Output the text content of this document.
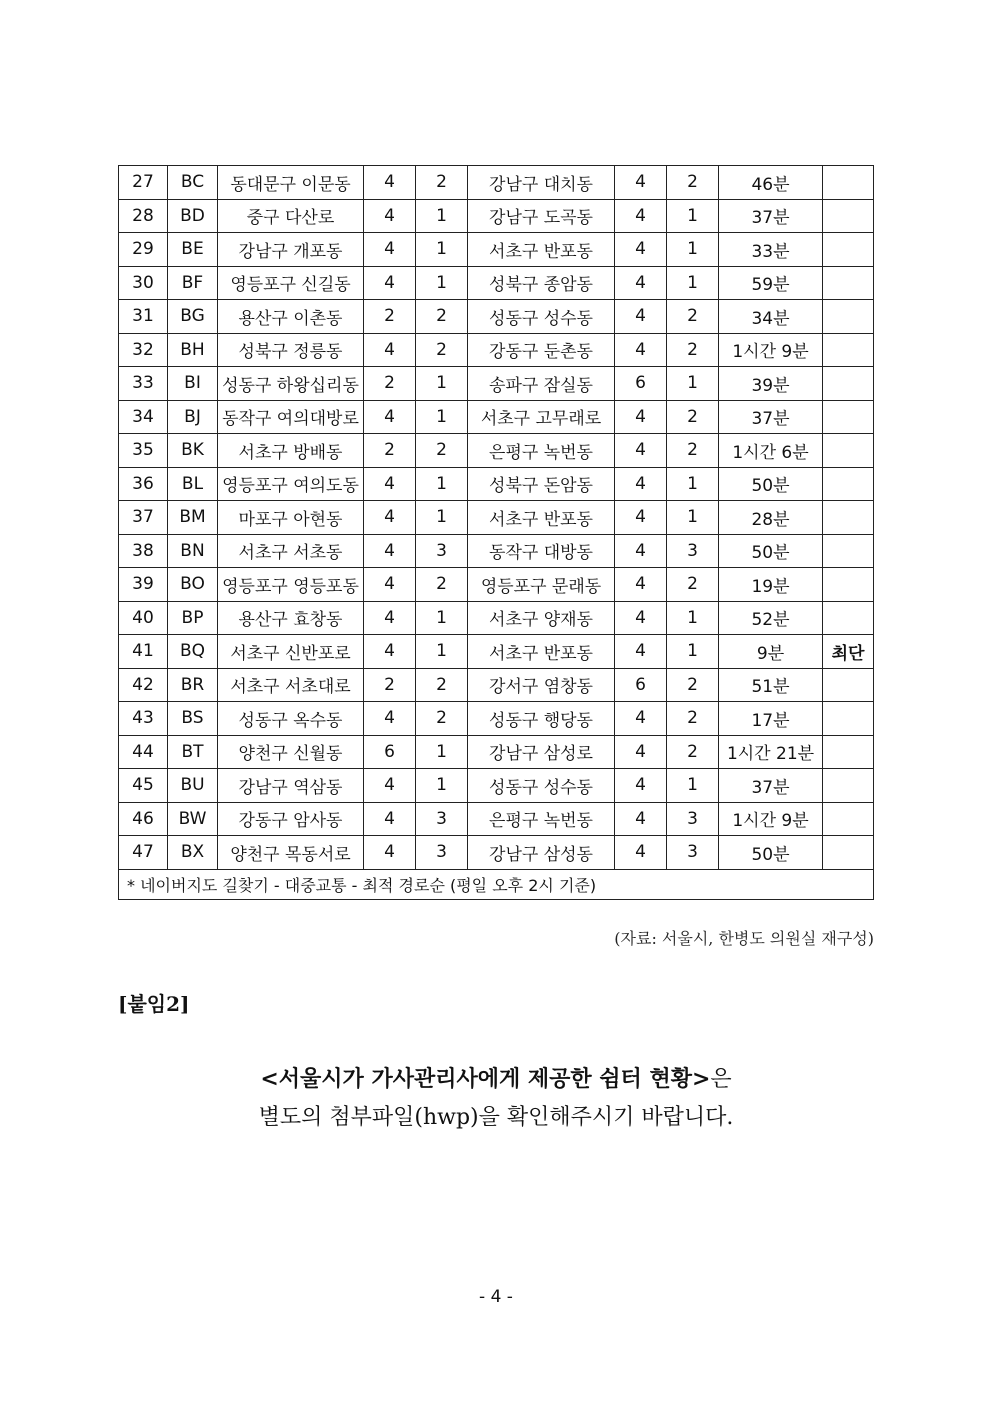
27	BC	동대문구 이문동	4	2	강남구 대치동	4	2	46분	
28	BD	중구 다산로	4	1	강남구 도곡동	4	1	37분	
29	BE	강남구 개포동	4	1	서초구 반포동	4	1	33분	
30	BF	영등포구 신길동	4	1	성북구 종암동	4	1	59분	
31	BG	용산구 이촌동	2	2	성동구 성수동	4	2	34분	
32	BH	성북구 정릉동	4	2	강동구 둔촌동	4	2	1시간 9분	
33	BI	성동구 하왕십리동	2	1	송파구 잠실동	6	1	39분	
34	BJ	동작구 여의대방로	4	1	서초구 고무래로	4	2	37분	
35	BK	서초구 방배동	2	2	은평구 녹번동	4	2	1시간 6분	
36	BL	영등포구 여의도동	4	1	성북구 돈암동	4	1	50분	
37	BM	마포구 아현동	4	1	서초구 반포동	4	1	28분	
38	BN	서초구 서초동	4	3	동작구 대방동	4	3	50분	
39	BO	영등포구 영등포동	4	2	영등포구 문래동	4	2	19분	
40	BP	용산구 효창동	4	1	서초구 양재동	4	1	52분	
41	BQ	서초구 신반포로	4	1	서초구 반포동	4	1	9분	최단
42	BR	서초구 서초대로	2	2	강서구 염창동	6	2	51분	
43	BS	성동구 옥수동	4	2	성동구 행당동	4	2	17분	
44	BT	양천구 신월동	6	1	강남구 삼성로	4	2	1시간 21분	
45	BU	강남구 역삼동	4	1	성동구 성수동	4	1	37분	
46	BW	강동구 암사동	4	3	은평구 녹번동	4	3	1시간 9분	
47	BX	양천구 목동서로	4	3	강남구 삼성동	4	3	50분	
* 네이버지도 길찾기 - 대중교통 - 최적 경로순 (평일 오후 2시 기준)									
(자료: 서울시, 한병도 의원실 재구성)
[붙임2]
<서울시가 가사관리사에게 제공한 쉼터 현황>은
별도의 첨부파일(hwp)을 확인해주시기 바랍니다.
- 4 -
